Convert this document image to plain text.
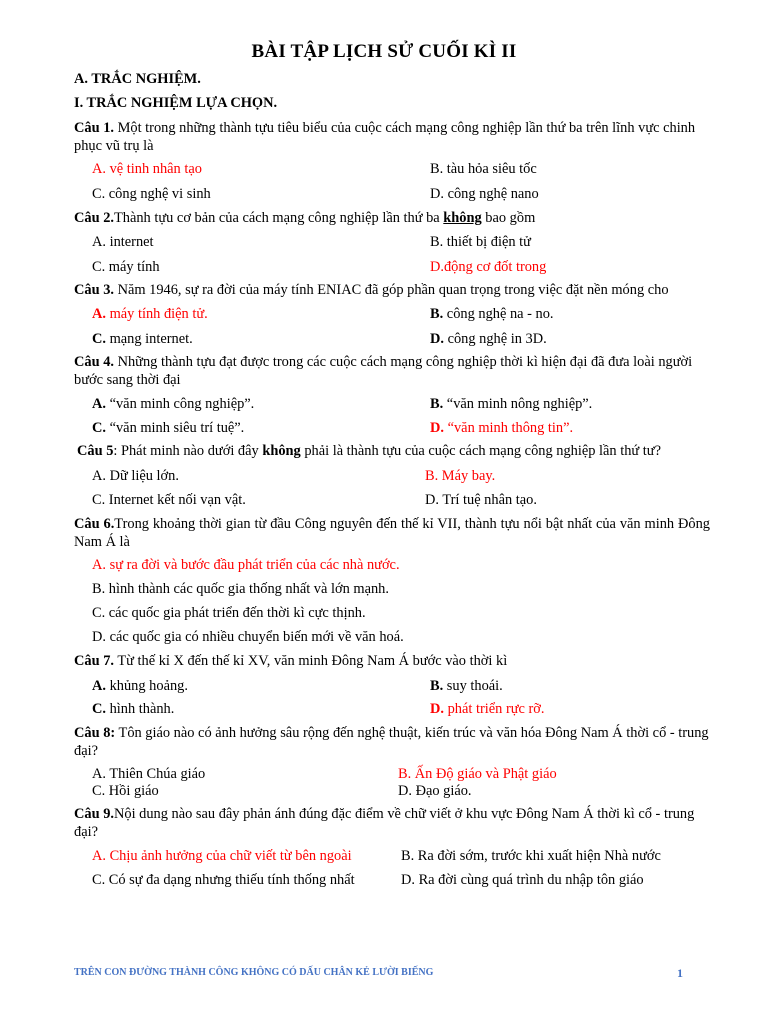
BÀI TẬP LỊCH SỬ CUỐI KÌ II
A. TRẮC NGHIỆM.
I. TRẮC NGHIỆM LỰA CHỌN.
Câu 1. Một trong những thành tựu tiêu biểu của cuộc cách mạng công nghiệp lần thứ ba trên lĩnh vực chinh phục vũ trụ là
A. vệ tinh nhân tạo	B. tàu hỏa siêu tốc
C. công nghệ vi sinh	D. công nghệ nano
Câu 2.Thành tựu cơ bản của cách mạng công nghiệp lần thứ ba không bao gồm
A. internet	B. thiết bị điện tử
C. máy tính	D.động cơ đốt trong
Câu 3. Năm 1946, sự ra đời của máy tính ENIAC đã góp phần quan trọng trong việc đặt nền móng cho
A. máy tính điện tử.	B. công nghệ na - no.
C. mạng internet.	D. công nghệ in 3D.
Câu 4. Những thành tựu đạt được trong các cuộc cách mạng công nghiệp thời kì hiện đại đã đưa loài người bước sang thời đại
A. “văn minh công nghiệp”.	B. “văn minh nông nghiệp”.
C. “văn minh siêu trí tuệ”.	D. “văn minh thông tin”.
Câu 5: Phát minh nào dưới đây không phải là thành tựu của cuộc cách mạng công nghiệp lần thứ tư?
A. Dữ liệu lớn.	B. Máy bay.
C. Internet kết nối vạn vật.	D. Trí tuệ nhân tạo.
Câu 6.Trong khoảng thời gian từ đầu Công nguyên đến thế kỉ VII, thành tựu nổi bật nhất của văn minh Đông Nam Á là
A. sự ra đời và bước đầu phát triển của các nhà nước.
B. hình thành các quốc gia thống nhất và lớn mạnh.
C. các quốc gia phát triển đến thời kì cực thịnh.
D. các quốc gia có nhiều chuyển biến mới về văn hoá.
Câu 7. Từ thế kỉ X đến thế kỉ XV, văn minh Đông Nam Á bước vào thời kì
A. khủng hoảng.	B. suy thoái.
C. hình thành.	D. phát triển rực rỡ.
Câu 8: Tôn giáo nào có ảnh hưởng sâu rộng đến nghệ thuật, kiến trúc và văn hóa Đông Nam Á thời cổ - trung đại?
A. Thiên Chúa giáo	B. Ấn Độ giáo và Phật giáo
C. Hồi giáo	D. Đạo giáo.
Câu 9.Nội dung nào sau đây phản ánh đúng đặc điểm về chữ viết ở khu vực Đông Nam Á thời kì cổ - trung đại?
A. Chịu ảnh hưởng của chữ viết từ bên ngoài	B. Ra đời sớm, trước khi xuất hiện Nhà nước
C. Có sự đa dạng nhưng thiếu tính thống nhất	D. Ra đời cùng quá trình du nhập tôn giáo
TRÊN CON ĐƯỜNG THÀNH CÔNG KHÔNG CÓ DẤU CHÂN KẺ LƯỜI BIẾNG	1
